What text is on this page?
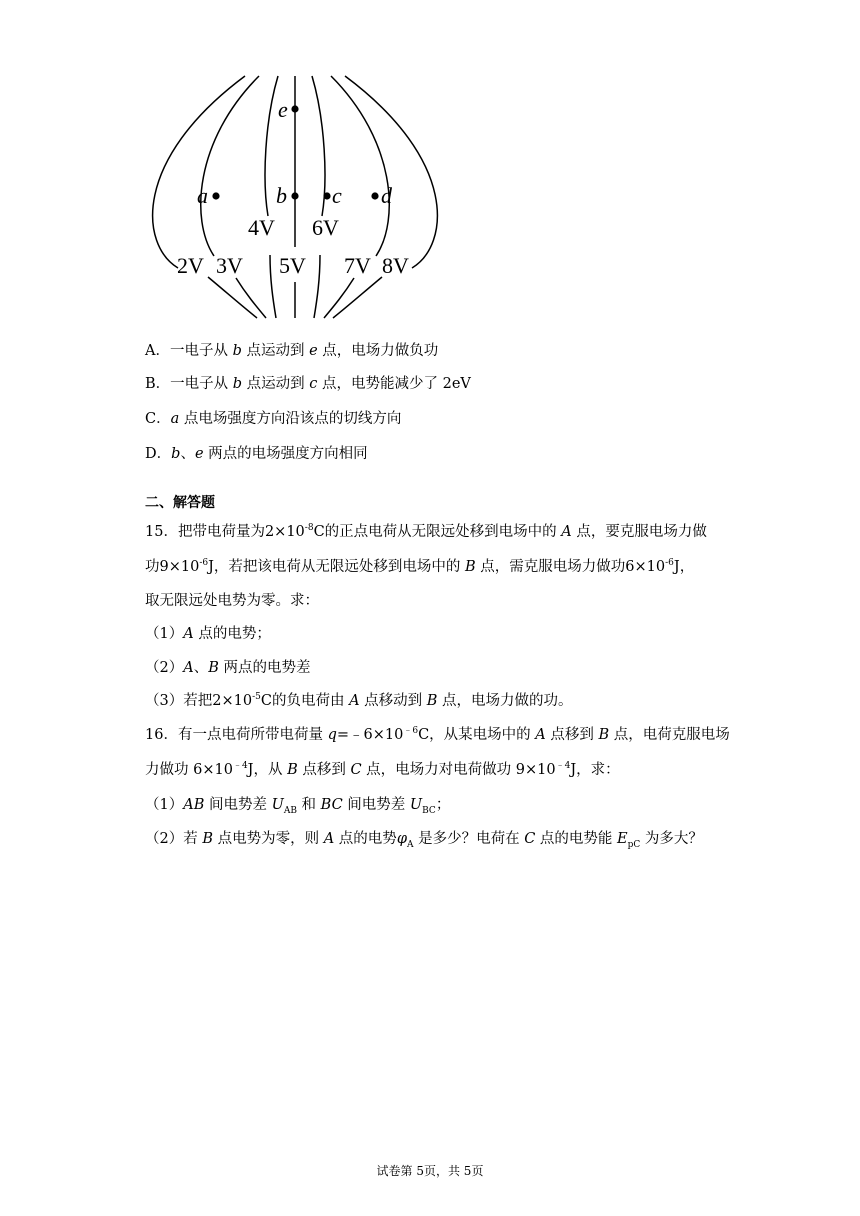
e
a	b c d
2V 3V
4V
5V
6V
7V 8V
A．一电子从 b 点运动到 e 点，电场力做负功
B．一电子从 b 点运动到 c 点，电势能减少了 2eV
C．a 点电场强度方向沿该点的切线方向
D．b、e 两点的电场强度方向相同
二、解答题
15．把带电荷量为$2\times 10^{-8}C$的正点电荷从无限远处移到电场中的 A 点，要克服电场力做
功$9\times 10^{-6}J$，若把该电荷从无限远处移到电场中的 B 点，需克服电场力做功$6\times 10^{-6}J$，
取无限远处电势为零。求：
（1）A 点的电势；
（2）A、B 两点的电势差
（3）若把$2\times 10^{-5}C$的负电荷由 A 点移动到 B 点，电场力做的功。
16．有一点电荷所带电荷量 $q=﹣6\times 10^{﹣6}C$，从某电场中的 A 点移到 B 点，电荷克服电场
力做功 $6\times 10^{﹣4}J$，从 B 点移到 C 点，电场力对电荷做功 $9\times 10^{﹣4}J$，求：
（1）AB 间电势差 $U_{AB}$ 和 BC 间电势差 $U_{BC}$；
（2）若 B 点电势为零，则 A 点的电势$\varphi_A$ 是多少？电荷在 C 点的电势能 $E_{pC}$ 为多大？
试卷第 5页，共 5页
